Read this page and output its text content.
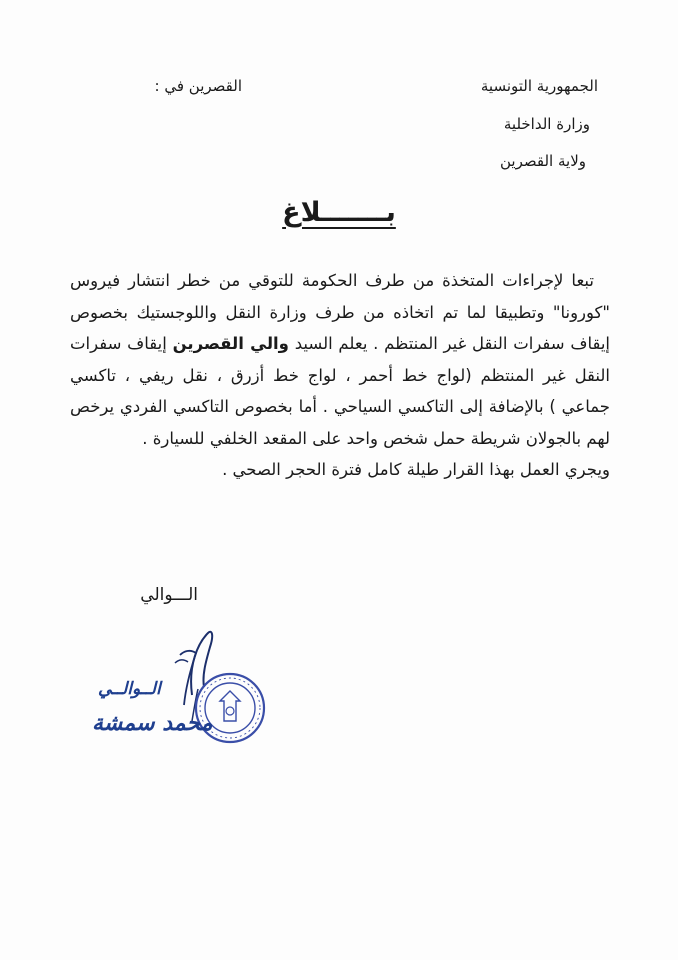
الجمهورية التونسية
وزارة الداخلية
ولاية القصرين
القصرين في :
بـــــــلاغ

تبعا لإجراءات المتخذة من طرف الحكومة للتوقي من خطر انتشار فيروس "كورونا" وتطبيقا لما تم اتخاذه من طرف وزارة النقل واللوجستيك بخصوص إيقاف سفرات النقل غير المنتظم . يعلم السيد والي القصرين إيقاف سفرات النقل غير المنتظم (لواج خط أحمر ، لواج خط أزرق ، نقل ريفي ، تاكسي جماعي ) بالإضافة إلى التاكسي السياحي . أما بخصوص التاكسي الفردي يرخص لهم بالجولان شريطة حمل شخص واحد على المقعد الخلفي للسيارة .

ويجري العمل بهذا القرار طيلة كامل فترة الحجر الصحي .

الـــوالي
الــوالــي
محمد سمشة
